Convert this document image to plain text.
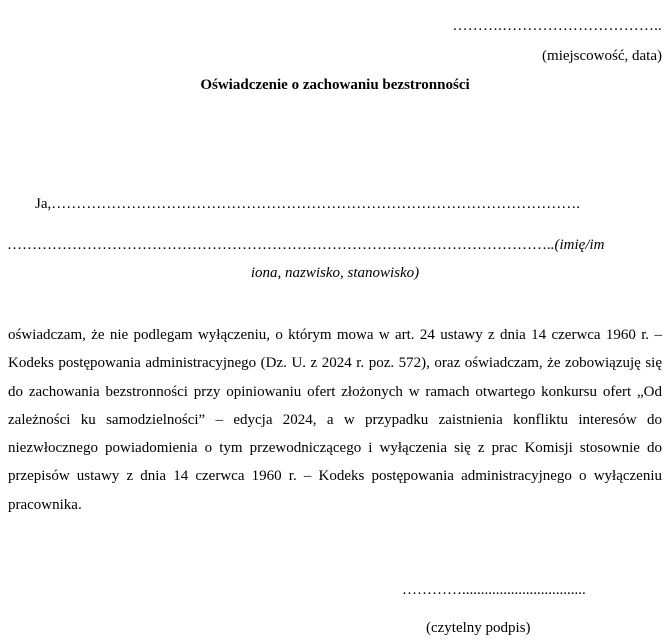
……….…………………………..
(miejscowość, data)
Oświadczenie o zachowaniu bezstronności
Ja,…………………………………………………………………………………………….
………………………………………………………………………………………………..(imię/im
iona, nazwisko, stanowisko)
oświadczam, że nie podlegam wyłączeniu, o którym mowa w art. 24 ustawy z dnia 14 czerwca 1960 r. – Kodeks postępowania administracyjnego (Dz. U. z 2024 r. poz. 572), oraz oświadczam, że zobowiązuję się do zachowania bezstronności przy opiniowaniu ofert złożonych w ramach otwartego konkursu ofert „Od zależności ku samodzielności” – edycja 2024, a w przypadku zaistnienia konfliktu interesów do niezwłocznego powiadomienia o tym przewodniczącego i wyłączenia się z prac Komisji stosownie do przepisów ustawy z dnia 14 czerwca 1960 r. – Kodeks postępowania administracyjnego o wyłączeniu pracownika.
………….................................
(czytelny podpis)
